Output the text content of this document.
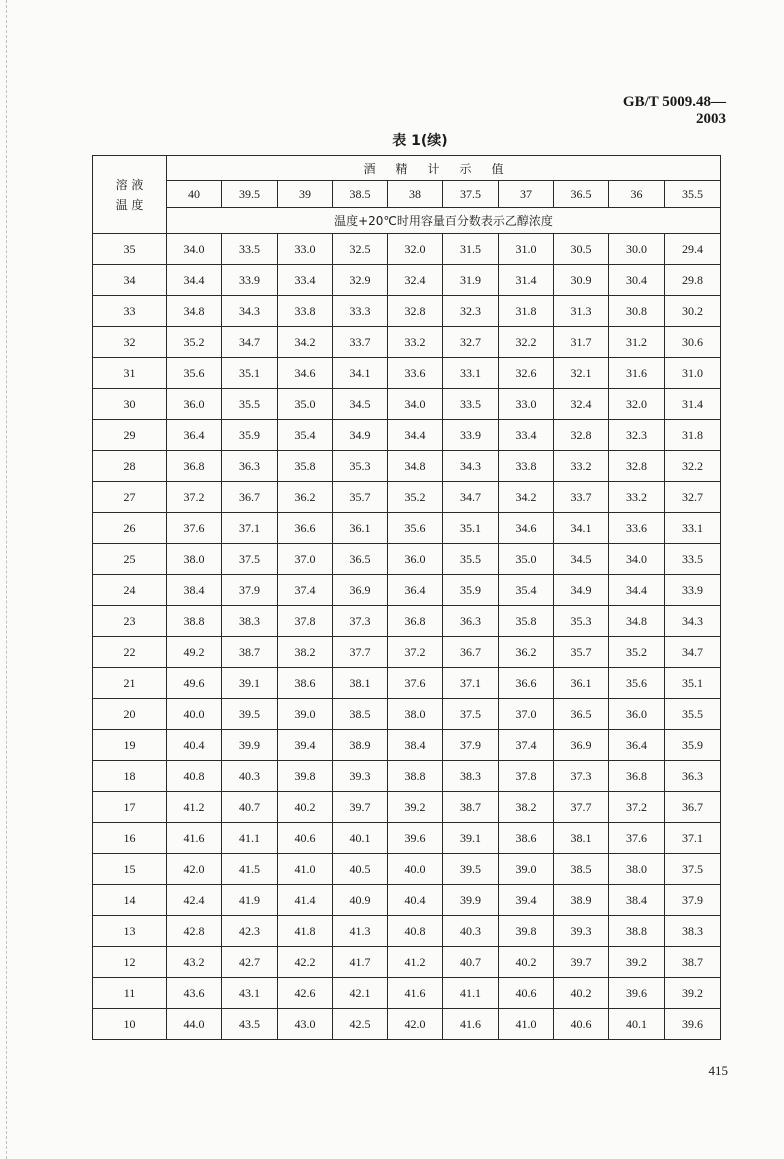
GB/T 5009.48—2003
表 1(续)
溶 液
温 度	酒精计示值									
	40	39.5	39	38.5	38	37.5	37	36.5	36	35.5
	温度+20℃时用容量百分数表示乙醇浓度									
35	34.0	33.5	33.0	32.5	32.0	31.5	31.0	30.5	30.0	29.4
34	34.4	33.9	33.4	32.9	32.4	31.9	31.4	30.9	30.4	29.8
33	34.8	34.3	33.8	33.3	32.8	32.3	31.8	31.3	30.8	30.2
32	35.2	34.7	34.2	33.7	33.2	32.7	32.2	31.7	31.2	30.6
31	35.6	35.1	34.6	34.1	33.6	33.1	32.6	32.1	31.6	31.0
30	36.0	35.5	35.0	34.5	34.0	33.5	33.0	32.4	32.0	31.4
29	36.4	35.9	35.4	34.9	34.4	33.9	33.4	32.8	32.3	31.8
28	36.8	36.3	35.8	35.3	34.8	34.3	33.8	33.2	32.8	32.2
27	37.2	36.7	36.2	35.7	35.2	34.7	34.2	33.7	33.2	32.7
26	37.6	37.1	36.6	36.1	35.6	35.1	34.6	34.1	33.6	33.1
25	38.0	37.5	37.0	36.5	36.0	35.5	35.0	34.5	34.0	33.5
24	38.4	37.9	37.4	36.9	36.4	35.9	35.4	34.9	34.4	33.9
23	38.8	38.3	37.8	37.3	36.8	36.3	35.8	35.3	34.8	34.3
22	49.2	38.7	38.2	37.7	37.2	36.7	36.2	35.7	35.2	34.7
21	49.6	39.1	38.6	38.1	37.6	37.1	36.6	36.1	35.6	35.1
20	40.0	39.5	39.0	38.5	38.0	37.5	37.0	36.5	36.0	35.5
19	40.4	39.9	39.4	38.9	38.4	37.9	37.4	36.9	36.4	35.9
18	40.8	40.3	39.8	39.3	38.8	38.3	37.8	37.3	36.8	36.3
17	41.2	40.7	40.2	39.7	39.2	38.7	38.2	37.7	37.2	36.7
16	41.6	41.1	40.6	40.1	39.6	39.1	38.6	38.1	37.6	37.1
15	42.0	41.5	41.0	40.5	40.0	39.5	39.0	38.5	38.0	37.5
14	42.4	41.9	41.4	40.9	40.4	39.9	39.4	38.9	38.4	37.9
13	42.8	42.3	41.8	41.3	40.8	40.3	39.8	39.3	38.8	38.3
12	43.2	42.7	42.2	41.7	41.2	40.7	40.2	39.7	39.2	38.7
11	43.6	43.1	42.6	42.1	41.6	41.1	40.6	40.2	39.6	39.2
10	44.0	43.5	43.0	42.5	42.0	41.6	41.0	40.6	40.1	39.6
415
